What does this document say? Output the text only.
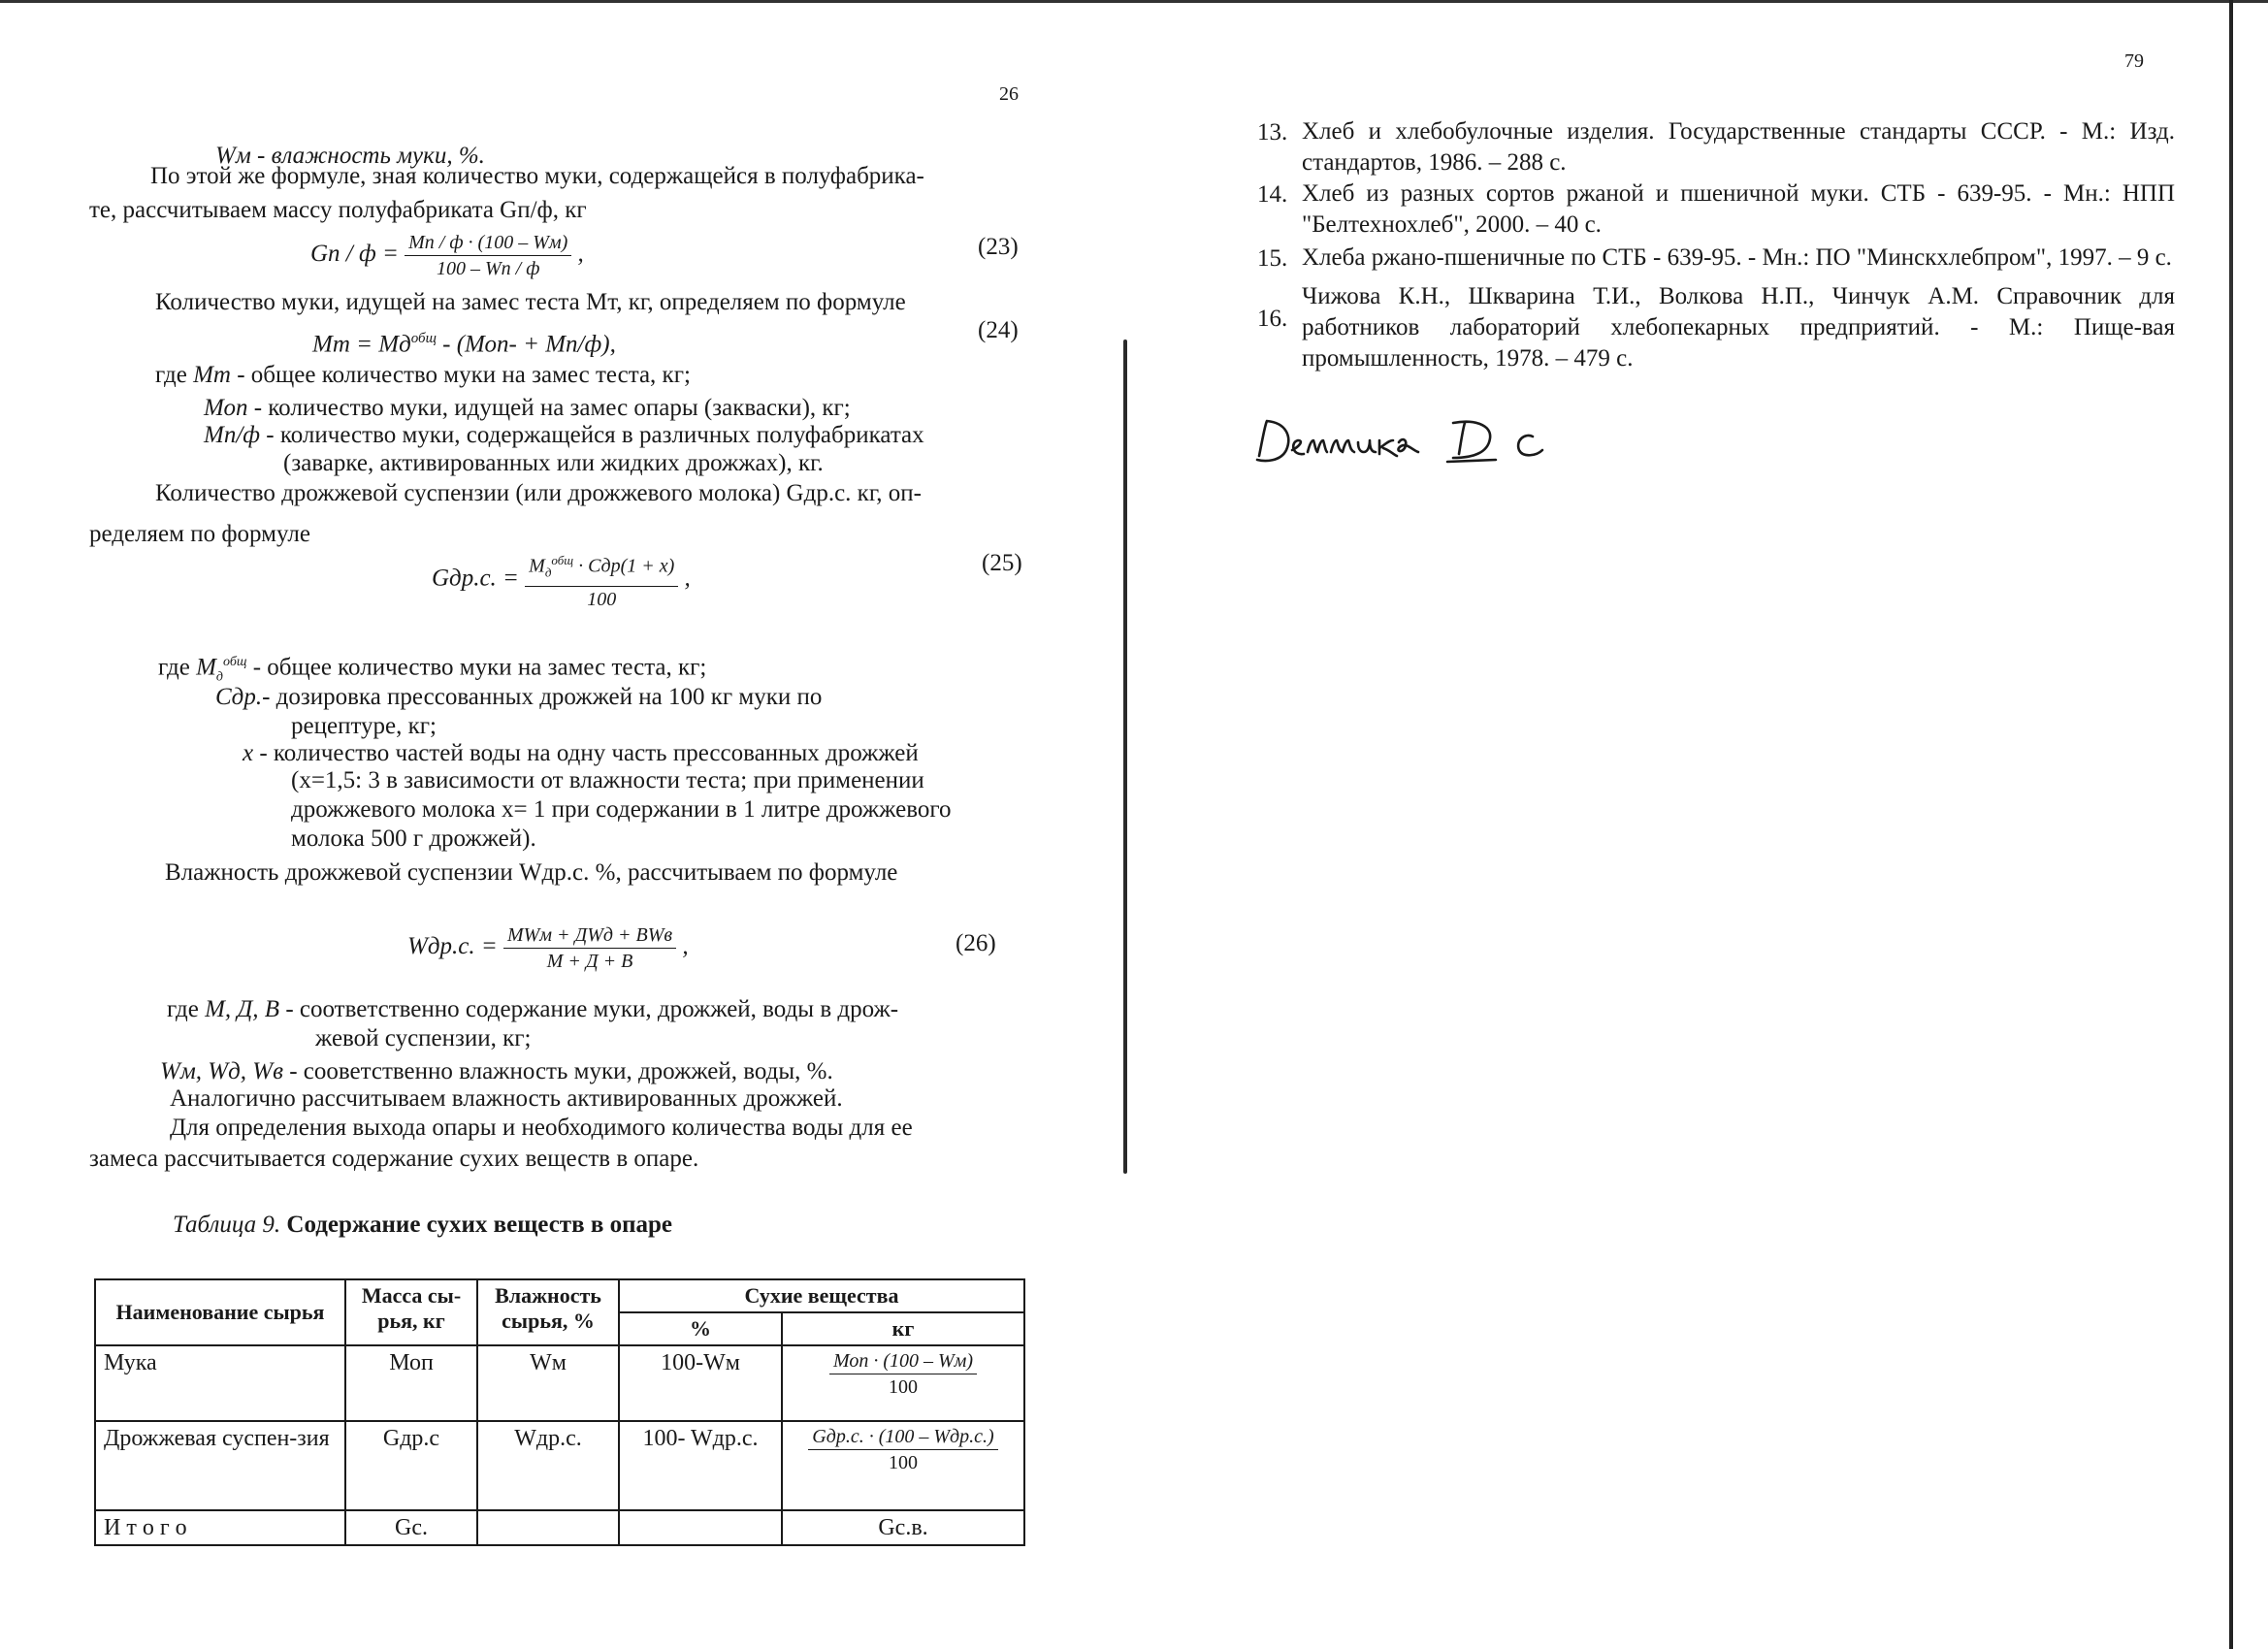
26
Wм - влажность муки, %.
По этой же формуле, зная количество муки, содержащейся в полуфабрика-
те, рассчитываем массу полуфабриката Gп/ф, кг
Gп / $ф = \frac{Мп / ф \cdot (100 - Wм)}{100 - Wп / ф}$ ,	(23)
Количество муки, идущей на замес теста Мт, кг, определяем по формуле
Мт = $Мд^{общ} - (Моп- + Мп/ф)$,
(24)
где Мт - общее количество муки на замес теста, кг;
Моп - количество муки, идущей на замес опары (закваски), кг;
Мп/ф - количество муки, содержащейся в различных полуфабрикатах
(заварке, активированных или жидких дрожжах), кг.
Количество дрожжевой суспензии (или дрожжевого молока) Gдр.с. кг, оп-
ределяем по формуле
Gдр.с. = $\frac{М_д^{общ} \cdot Сдр(1 + х)}{100}$ ,
(25)
где $М_д^{общ}$ - общее количество муки на замес теста, кг;
Сдр.- дозировка прессованных дрожжей на 100 кг муки по
рецептуре, кг;
х - количество частей воды на одну часть прессованных дрожжей
(х=1,5: 3 в зависимости от влажности теста; при применении
дрожжевого молока х= 1 при содержании в 1 литре дрожжевого
молока 500 г дрожжей).
Влажность дрожжевой суспензии Wдр.с. %, рассчитываем по формуле
Wдр.с. = $\frac{\text{МWм + ДWд + ВWв}}{М + Д + В}$ ,	(26)
где М, Д, В - соответственно содержание муки, дрожжей, воды в дрож-
жевой суспензии, кг;
Wм, Wд, Wв - сооветственно влажность муки, дрожжей, воды, %.
Аналогично рассчитываем влажность активированных дрожжей.
Для определения выхода опары и необходимого количества воды для ее
замеса рассчитывается содержание сухих веществ в опаре.
Таблица 9. Содержание сухих веществ в опаре
Наименование сырья	Масса сы-рья, кг	Влажность сырья, %	Сухие вещества	
			%	кг
Мука	Моп	Wм	100-Wм	$\frac{\text{Моп · (100 – Wм)}}{100}$

Дрожжевая суспен-зия	Gдр.с	Wдр.с.	100- Wдр.с.	$\frac{\text{Gдр.с. · (100 – Wдр.с.)}}{100}$

И т о г о	Gс.			Gс.в.
79
13. Хлеб и хлебобулочные изделия. Государственные стандарты СССР. - М.: Изд. стандартов, 1986. – 288 с.
14. Хлеб из разных сортов ржаной и пшеничной муки. СТБ - 639-95. - Мн.: НПП "Белтехнохлеб", 2000. – 40 с.
15. Хлеба ржано-пшеничные по СТБ - 639-95. - Мн.: ПО "Минскхлебпром", 1997. – 9 с.
16.
Чижова К.Н., Шкварина Т.И., Волкова Н.П., Чинчук А.М. Справочник для работников лабораторий хлебопекарных предприятий. - М.: Пище-вая промышленность, 1978. – 479 с.
